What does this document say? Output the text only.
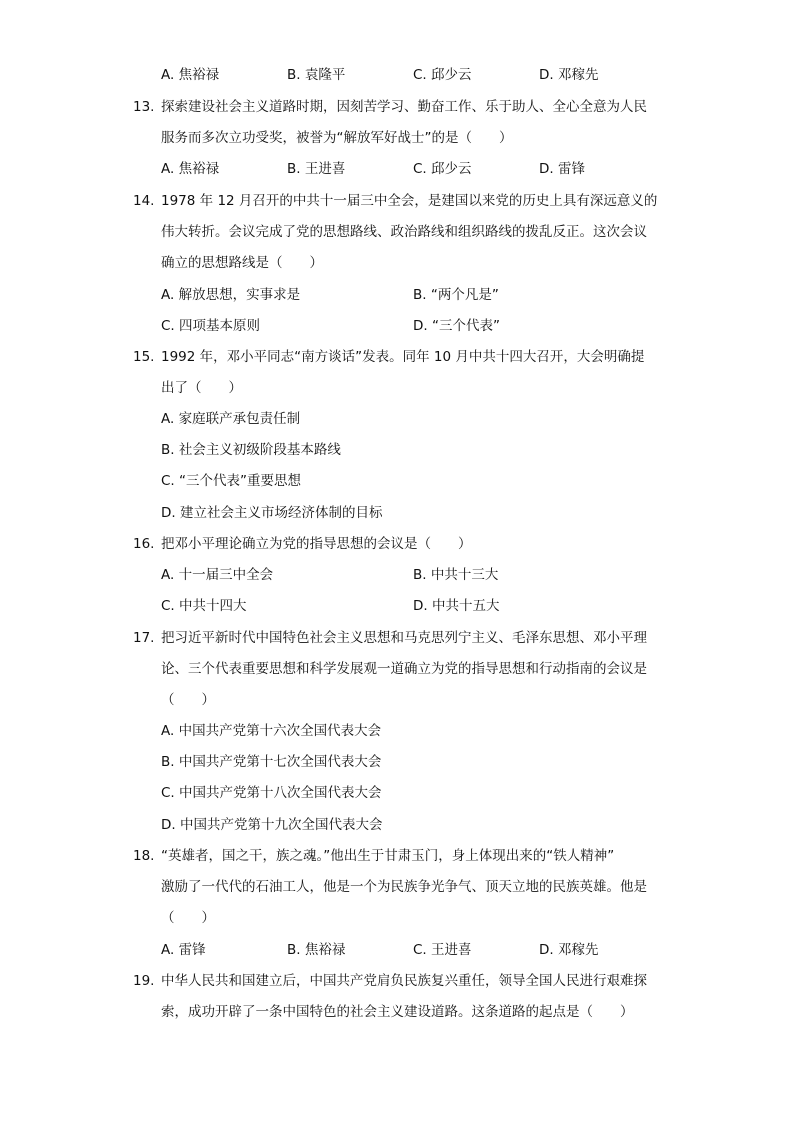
A. 焦裕禄	B. 袁隆平	C. 邱少云	D. 邓稼先
13. 探索建设社会主义道路时期，因刻苦学习、勤奋工作、乐于助人、全心全意为人民
服务而多次立功受奖，被誉为“解放军好战士”的是（　　）
A. 焦裕禄	B. 王进喜	C. 邱少云	D. 雷锋
14. 1978 年 12 月召开的中共十一届三中全会，是建国以来党的历史上具有深远意义的
伟大转折。会议完成了党的思想路线、政治路线和组织路线的拨乱反正。这次会议
确立的思想路线是（　　）
A. 解放思想，实事求是	B. “两个凡是”
C. 四项基本原则	D. “三个代表”
15. 1992 年，邓小平同志“南方谈话”发表。同年 10 月中共十四大召开，大会明确提
出了（　　）
A. 家庭联产承包责任制
B. 社会主义初级阶段基本路线
C. “三个代表”重要思想
D. 建立社会主义市场经济体制的目标
16. 把邓小平理论确立为党的指导思想的会议是（　　）
A. 十一届三中全会	B. 中共十三大
C. 中共十四大	D. 中共十五大
17. 把习近平新时代中国特色社会主义思想和马克思列宁主义、毛泽东思想、邓小平理
论、三个代表重要思想和科学发展观一道确立为党的指导思想和行动指南的会议是
（　　）
A. 中国共产党第十六次全国代表大会
B. 中国共产党第十七次全国代表大会
C. 中国共产党第十八次全国代表大会
D. 中国共产党第十九次全国代表大会
18. “英雄者，国之干，族之魂。”他出生于甘肃玉门，身上体现出来的“铁人精神”
激励了一代代的石油工人，他是一个为民族争光争气、顶天立地的民族英雄。他是
（　　）
A. 雷锋	B. 焦裕禄	C. 王进喜	D. 邓稼先
19. 中华人民共和国建立后，中国共产党肩负民族复兴重任，领导全国人民进行艰难探
索，成功开辟了一条中国特色的社会主义建设道路。这条道路的起点是（　　）
